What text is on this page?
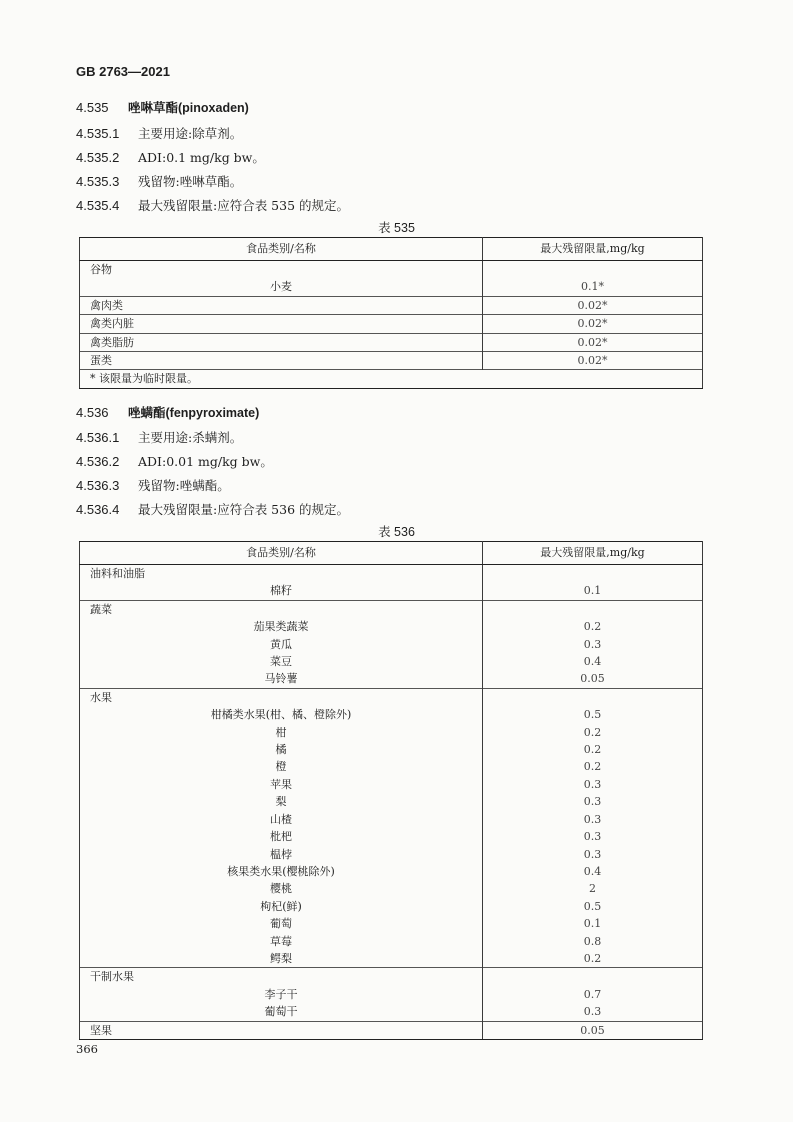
GB 2763—2021
4.535 唑啉草酯(pinoxaden)
4.535.1 主要用途:除草剂。
4.535.2 ADI:0.1 mg/kg bw。
4.535.3 残留物:唑啉草酯。
4.535.4 最大残留限量:应符合表 535 的规定。
表 535
食品类别/名称	最大残留限量,mg/kg
谷物	
小麦	0.1*
禽肉类	0.02*
禽类内脏	0.02*
禽类脂肪	0.02*
蛋类	0.02*
* 该限量为临时限量。	
4.536 唑螨酯(fenpyroximate)
4.536.1 主要用途:杀螨剂。
4.536.2 ADI:0.01 mg/kg bw。
4.536.3 残留物:唑螨酯。
4.536.4 最大残留限量:应符合表 536 的规定。
表 536
食品类别/名称	最大残留限量,mg/kg
油料和油脂	
棉籽	0.1
蔬菜	
茄果类蔬菜	0.2
黄瓜	0.3
菜豆	0.4
马铃薯	0.05
水果	
柑橘类水果(柑、橘、橙除外)	0.5
柑	0.2
橘	0.2
橙	0.2
苹果	0.3
梨	0.3
山楂	0.3
枇杷	0.3
榅桲	0.3
核果类水果(樱桃除外)	0.4
樱桃	2
枸杞(鲜)	0.5
葡萄	0.1
草莓	0.8
鳄梨	0.2
干制水果	
李子干	0.7
葡萄干	0.3
坚果	0.05
366
